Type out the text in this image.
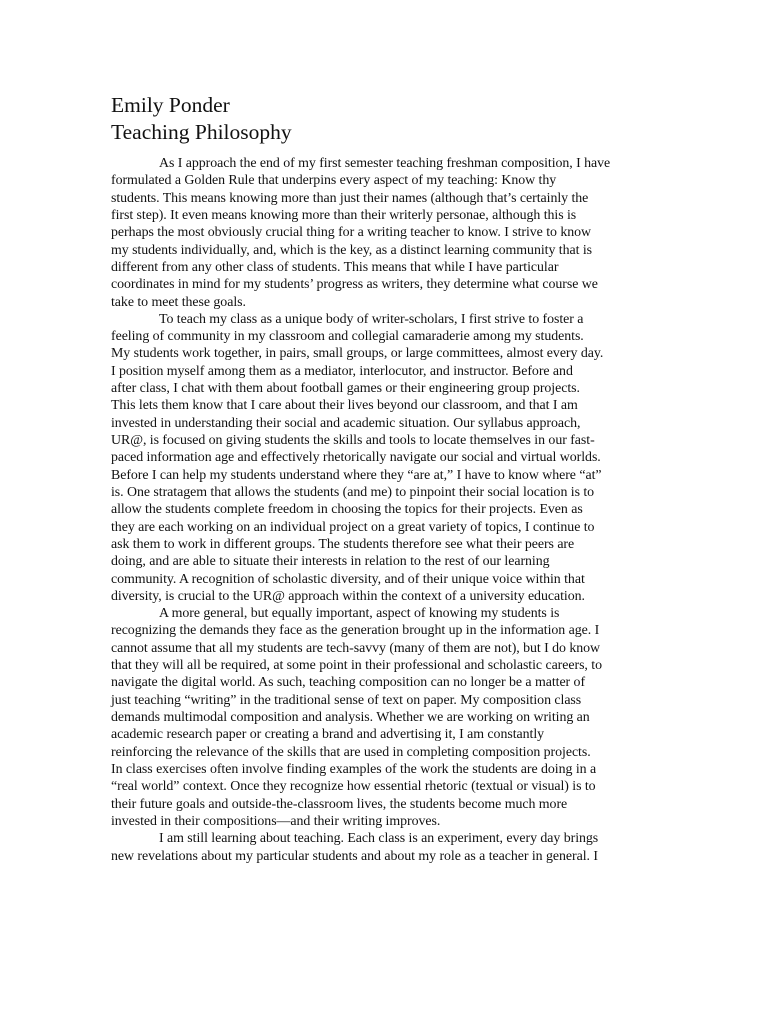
Emily Ponder
Teaching Philosophy
As I approach the end of my first semester teaching freshman composition, I have
formulated a Golden Rule that underpins every aspect of my teaching: Know thy
students. This means knowing more than just their names (although that’s certainly the
first step). It even means knowing more than their writerly personae, although this is
perhaps the most obviously crucial thing for a writing teacher to know. I strive to know
my students individually, and, which is the key, as a distinct learning community that is
different from any other class of students. This means that while I have particular
coordinates in mind for my students’ progress as writers, they determine what course we
take to meet these goals.
To teach my class as a unique body of writer-scholars, I first strive to foster a
feeling of community in my classroom and collegial camaraderie among my students.
My students work together, in pairs, small groups, or large committees, almost every day.
I position myself among them as a mediator, interlocutor, and instructor. Before and
after class, I chat with them about football games or their engineering group projects.
This lets them know that I care about their lives beyond our classroom, and that I am
invested in understanding their social and academic situation. Our syllabus approach,
UR@, is focused on giving students the skills and tools to locate themselves in our fast-
paced information age and effectively rhetorically navigate our social and virtual worlds.
Before I can help my students understand where they “are at,” I have to know where “at”
is. One stratagem that allows the students (and me) to pinpoint their social location is to
allow the students complete freedom in choosing the topics for their projects. Even as
they are each working on an individual project on a great variety of topics, I continue to
ask them to work in different groups. The students therefore see what their peers are
doing, and are able to situate their interests in relation to the rest of our learning
community. A recognition of scholastic diversity, and of their unique voice within that
diversity, is crucial to the UR@ approach within the context of a university education.
A more general, but equally important, aspect of knowing my students is
recognizing the demands they face as the generation brought up in the information age. I
cannot assume that all my students are tech-savvy (many of them are not), but I do know
that they will all be required, at some point in their professional and scholastic careers, to
navigate the digital world. As such, teaching composition can no longer be a matter of
just teaching “writing” in the traditional sense of text on paper. My composition class
demands multimodal composition and analysis. Whether we are working on writing an
academic research paper or creating a brand and advertising it, I am constantly
reinforcing the relevance of the skills that are used in completing composition projects.
In class exercises often involve finding examples of the work the students are doing in a
“real world” context. Once they recognize how essential rhetoric (textual or visual) is to
their future goals and outside-the-classroom lives, the students become much more
invested in their compositions—and their writing improves.
I am still learning about teaching. Each class is an experiment, every day brings
new revelations about my particular students and about my role as a teacher in general. I
